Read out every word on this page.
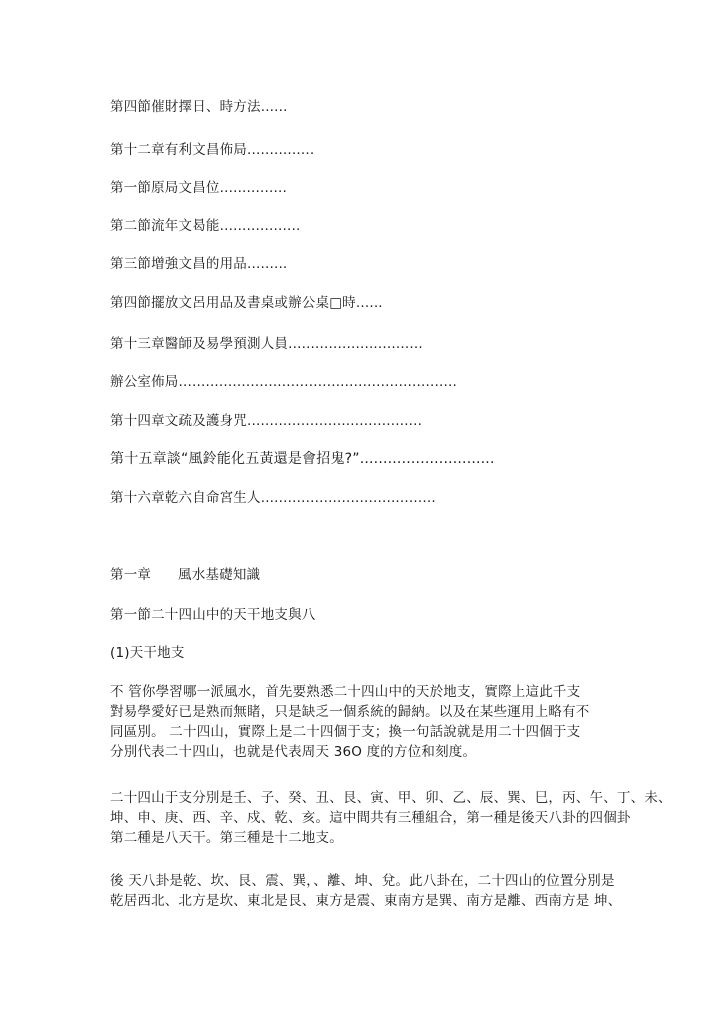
第四節催財擇日、時方法......
第十二章有利文昌佈局...............
第一節原局文昌位...............
第二節流年文曷能..................
第三節增強文昌的用品.........
第四節擺放文呂用品及書桌或辦公桌□時......
第十三章醫師及易學預測人員..............................
辦公室佈局..............................................................
第十四章文疏及護身咒.......................................
第十五章談“風鈴能化五黃還是會招鬼?”.............................
第十六章乾六自命宮生人.......................................
第一章      風水基礎知識
第一節二十四山中的天干地支與八
(1)天干地支
不 管你學習哪一派風水，首先要熟悉二十四山中的天於地支，實際上這此千支
對易學愛好已是熟而無睹，只是缺乏一個系統的歸納。以及在某些運用上略有不
同區別。 二十四山，實際上是二十四個于支；換一句話說就是用二十四個于支
分別代表二十四山，也就是代表周天 36O 度的方位和刻度。
二十四山于支分別是壬、子、癸、丑、艮、寅、甲、卯、乙、辰、巽、巳，丙、午、丁、未、
坤、申、庚、西、辛、戍、乾、亥。這中間共有三種組合，第一種是後天八卦的四個卦
第二種是八天干。第三種是十二地支。
後 天八卦是乾、坎、艮、震、巽，、離、坤、兌。此八卦在，二十四山的位置分別是
乾居西北、北方是坎、東北是艮、東方是震、東南方是巽、南方是離、西南方是 坤、
